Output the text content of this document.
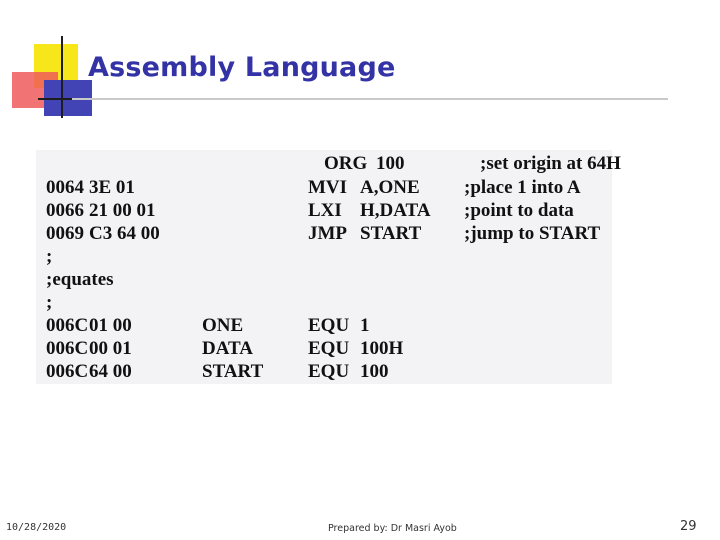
Assembly Language
ORG 100	;set origin at 64H
0064 3E 01	MVI A,ONE ;place 1 into A
0066 21 00 01	LXI H,DATA ;point to data
0069 C3 64 00	JMP START ;jump to START
;
;equates
;
006C 01 00	ONE	EQU 1
006C 00 01	DATA	EQU 100H
006C 64 00	START EQU 100
10/28/2020	Prepared by: Dr Masri Ayob	29
